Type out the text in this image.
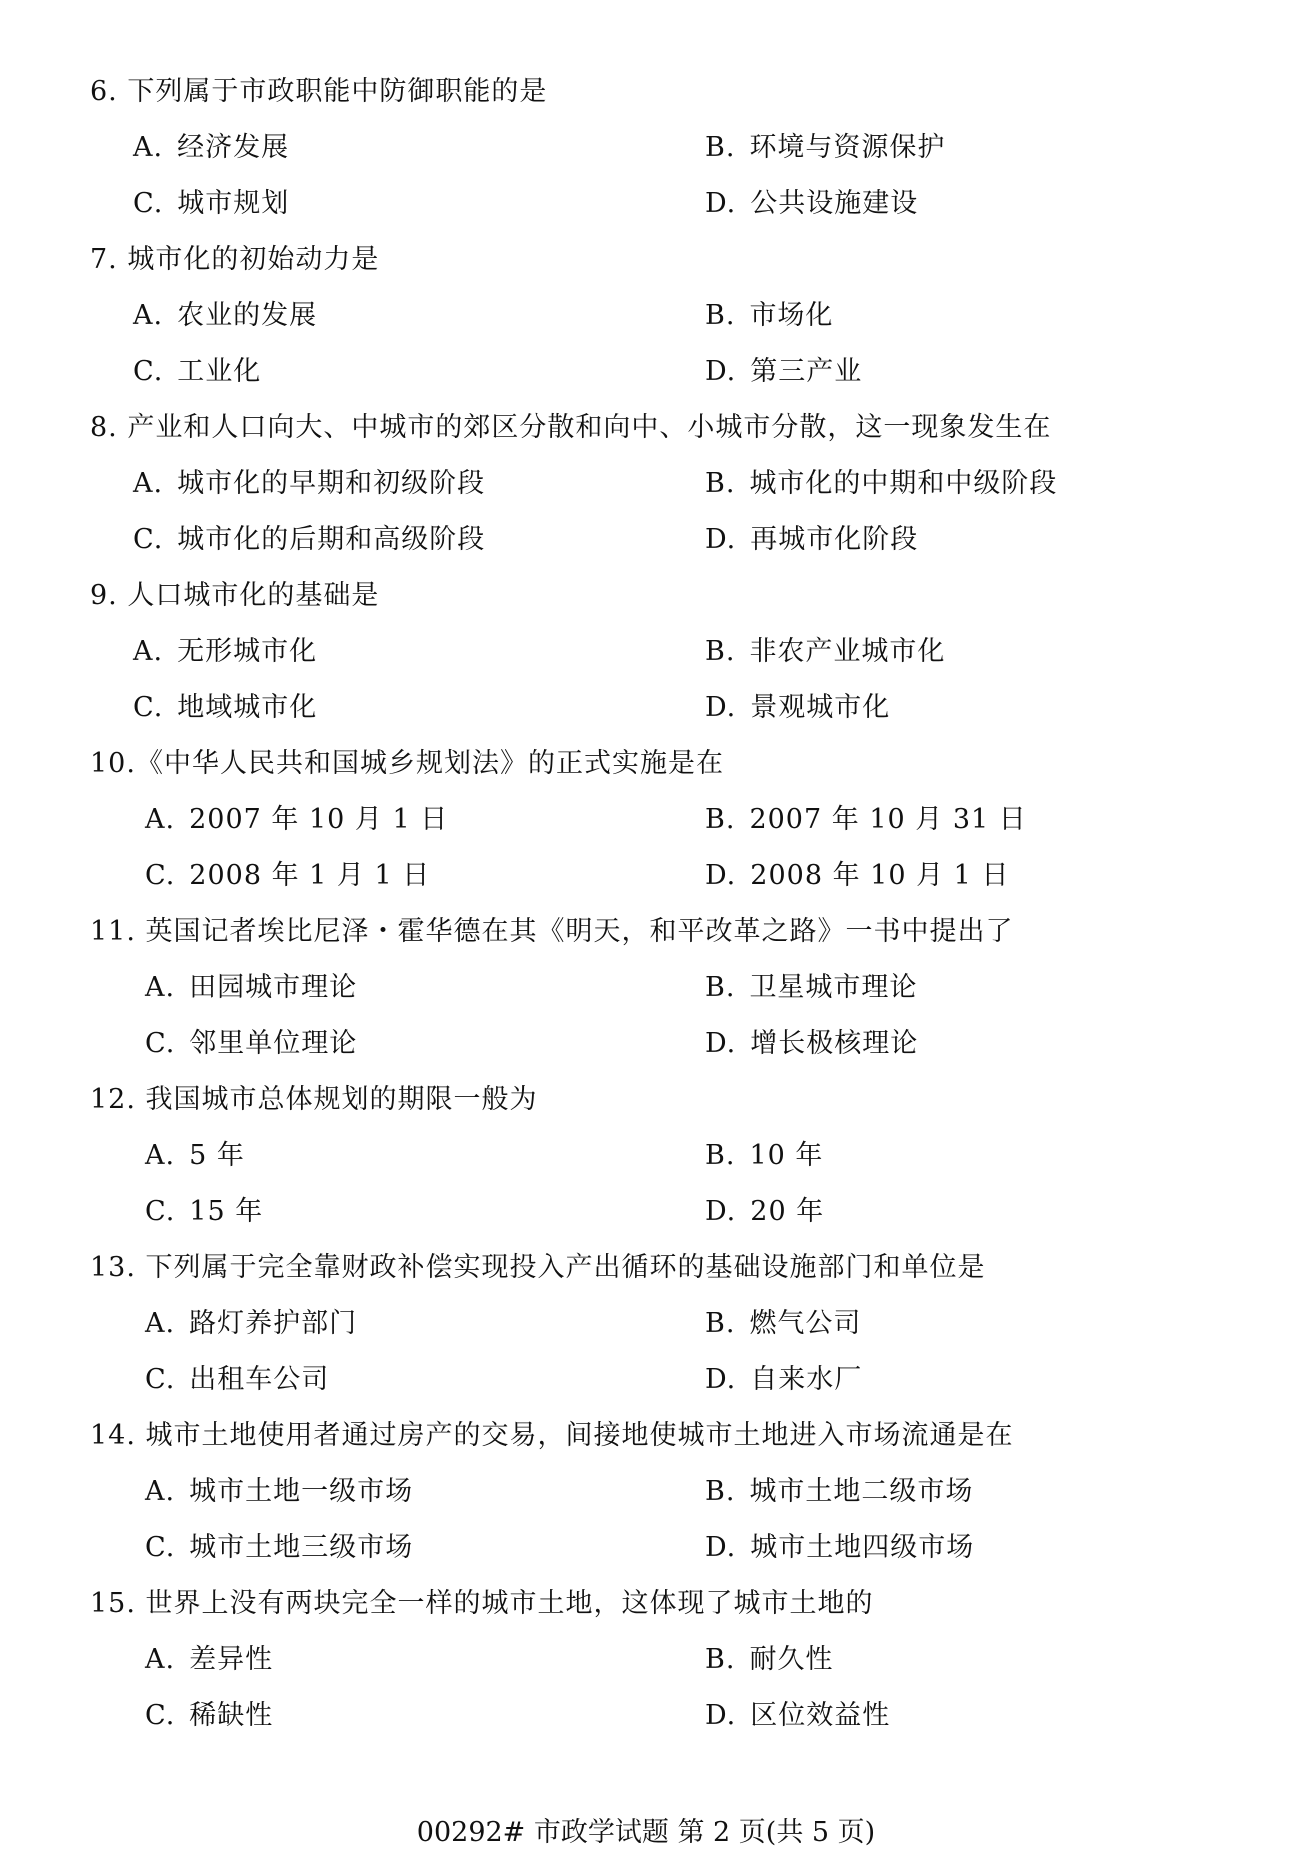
6. 下列属于市政职能中防御职能的是
A. 经济发展	B. 环境与资源保护
C. 城市规划	D. 公共设施建设
7. 城市化的初始动力是
A. 农业的发展	B. 市场化
C. 工业化	D. 第三产业
8. 产业和人口向大、中城市的郊区分散和向中、小城市分散，这一现象发生在
A. 城市化的早期和初级阶段	B. 城市化的中期和中级阶段
C. 城市化的后期和高级阶段	D. 再城市化阶段
9. 人口城市化的基础是
A. 无形城市化	B. 非农产业城市化
C. 地域城市化	D. 景观城市化
10.《中华人民共和国城乡规划法》的正式实施是在
A. 2007 年 10 月 1 日	B. 2007 年 10 月 31 日
C. 2008 年 1 月 1 日	D. 2008 年 10 月 1 日
11. 英国记者埃比尼泽・霍华德在其《明天，和平改革之路》一书中提出了
A. 田园城市理论	B. 卫星城市理论
C. 邻里单位理论	D. 增长极核理论
12. 我国城市总体规划的期限一般为
A. 5 年	B. 10 年
C. 15 年	D. 20 年
13. 下列属于完全靠财政补偿实现投入产出循环的基础设施部门和单位是
A. 路灯养护部门	B. 燃气公司
C. 出租车公司	D. 自来水厂
14. 城市土地使用者通过房产的交易，间接地使城市土地进入市场流通是在
A. 城市土地一级市场	B. 城市土地二级市场
C. 城市土地三级市场	D. 城市土地四级市场
15. 世界上没有两块完全一样的城市土地，这体现了城市土地的
A. 差异性	B. 耐久性
C. 稀缺性	D. 区位效益性
00292# 市政学试题 第 2 页(共 5 页)
